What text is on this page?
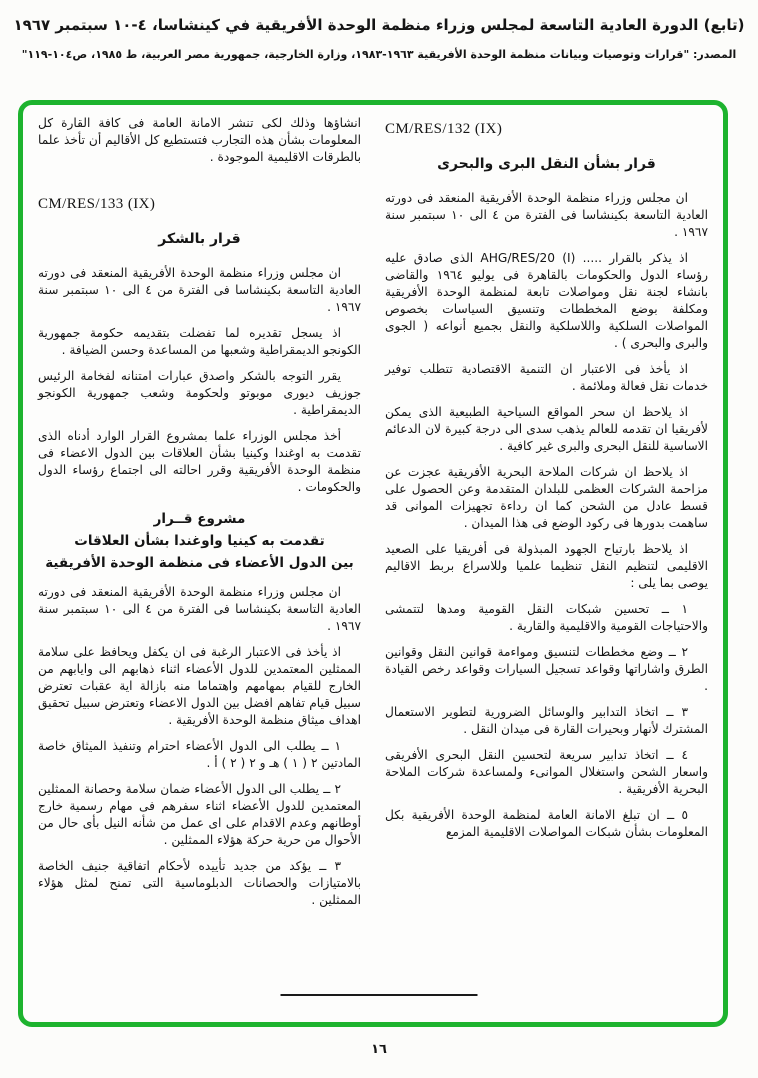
(تابع) الدورة العادية التاسعة لمجلس وزراء منظمة الوحدة الأفريقية في كينشاسا، ٤-١٠ سبتمبر ١٩٦٧
المصدر: "قرارات وتوصيات وبيانات منظمة الوحدة الأفريقية ١٩٦٣-١٩٨٣، وزارة الخارجية، جمهورية مصر العربية، ط ١٩٨٥، ص١٠٤-١١٩"
CM/RES/132 (IX)
قرار بشأن النقل البرى والبحرى

ان مجلس وزراء منظمة الوحدة الأفريقية المنعقد فى دورته العادية التاسعة بكينشاسا فى الفترة من ٤ الى ١٠ سبتمبر سنة ١٩٦٧ .

اذ يذكر بالقرار ..... ‎AHG/RES/20 (I)‎ الذى صادق عليه رؤساء الدول والحكومات بالقاهرة فى يوليو ١٩٦٤ والقاضى بانشاء لجنة نقل ومواصلات تابعة لمنظمة الوحدة الأفريقية ومكلفة بوضع المخططات وتنسيق السياسات بخصوص المواصلات السلكية واللاسلكية والنقل بجميع أنواعه ( الجوى والبرى والبحرى ) .

اذ يأخذ فى الاعتبار ان التنمية الاقتصادية تتطلب توفير خدمات نقل فعالة وملائمة .

اذ يلاحظ ان سحر المواقع السياحية الطبيعية الذى يمكن لأفريقيا ان تقدمه للعالم يذهب سدى الى درجة كبيرة لان الدعائم الاساسية للنقل البحرى والبرى غير كافية .

اذ يلاحظ ان شركات الملاحة البحرية الأفريقية عجزت عن مزاحمة الشركات العظمى للبلدان المتقدمة وعن الحصول على قسط عادل من الشحن كما ان رداءة تجهيزات الموانى قد ساهمت بدورها فى ركود الوضع فى هذا الميدان .

اذ يلاحظ بارتياح الجهود المبذولة فى أفريقيا على الصعيد الاقليمى لتنظيم النقل تنظيما علميا وللاسراع بربط الاقاليم يوصى بما يلى :

١ ــ تحسين شبكات النقل القومية ومدها لتتمشى والاحتياجات القومية والاقليمية والقارية .

٢ ــ وضع مخططات لتنسيق ومواءمة قوانين النقل وقوانين الطرق واشاراتها وقواعد تسجيل السيارات وقواعد رخص القيادة .

٣ ــ اتخاذ التدابير والوسائل الضرورية لتطوير الاستعمال المشترك لأنهار وبحيرات القارة فى ميدان النقل .

٤ ــ اتخاذ تدابير سريعة لتحسين النقل البحرى الأفريقى واسعار الشحن واستغلال الموانىء ولمساعدة شركات الملاحة البحرية الأفريقية .

٥ ــ ان تبلغ الامانة العامة لمنظمة الوحدة الأفريقية بكل المعلومات بشأن شبكات المواصلات الاقليمية المزمع

انشاؤها وذلك لكى تنشر الامانة العامة فى كافة القارة كل المعلومات بشأن هذه التجارب فتستطيع كل الأقاليم أن تأخذ علما بالطرقات الاقليمية الموجودة .

CM/RES/133 (IX)
قرار بالشكر

ان مجلس وزراء منظمة الوحدة الأفريقية المنعقد فى دورته العادية التاسعة بكينشاسا فى الفترة من ٤ الى ١٠ سبتمبر سنة ١٩٦٧ .

اذ يسجل تقديره لما تفضلت بتقديمه حكومة جمهورية الكونجو الديمقراطية وشعبها من المساعدة وحسن الضيافة .

يقرر التوجه بالشكر واصدق عبارات امتنانه لفخامة الرئيس جوزيف ديورى موبوتو ولحكومة وشعب جمهورية الكونجو الديمقراطية .

أخذ مجلس الوزراء علما بمشروع القرار الوارد أدناه الذى تقدمت به اوغندا وكينيا بشأن العلاقات بين الدول الاعضاء فى منظمة الوحدة الأفريقية وقرر احالته الى اجتماع رؤساء الدول والحكومات .

مشروع قــرار
تقدمت به كينيا واوغندا بشأن العلاقات
بين الدول الأعضاء فى منظمة الوحدة الأفريقية

ان مجلس وزراء منظمة الوحدة الأفريقية المنعقد فى دورته العادية التاسعة بكينشاسا فى الفترة من ٤ الى ١٠ سبتمبر سنة ١٩٦٧ .

اذ يأخذ فى الاعتبار الرغبة فى ان يكفل ويحافظ على سلامة الممثلين المعتمدين للدول الأعضاء اثناء ذهابهم الى وايابهم من الخارج للقيام بمهامهم واهتماما منه بازالة اية عقبات تعترض سبيل قيام تفاهم افضل بين الدول الاعضاء وتعترض سبيل تحقيق اهداف ميثاق منظمة الوحدة الأفريقية .

١ ــ يطلب الى الدول الأعضاء احترام وتنفيذ الميثاق خاصة المادتين ٢ ( ١ ) هـ و ٢ ( ٢ ) أ .

٢ ــ يطلب الى الدول الأعضاء ضمان سلامة وحصانة الممثلين المعتمدين للدول الأعضاء اثناء سفرهم فى مهام رسمية خارج أوطانهم وعدم الاقدام على اى عمل من شأنه النيل بأى حال من الأحوال من حرية حركة هؤلاء الممثلين .

٣ ــ يؤكد من جديد تأييده لأحكام اتفاقية جنيف الخاصة بالامتيازات والحصانات الدبلوماسية التى تمنح لمثل هؤلاء الممثلين .

١٦
